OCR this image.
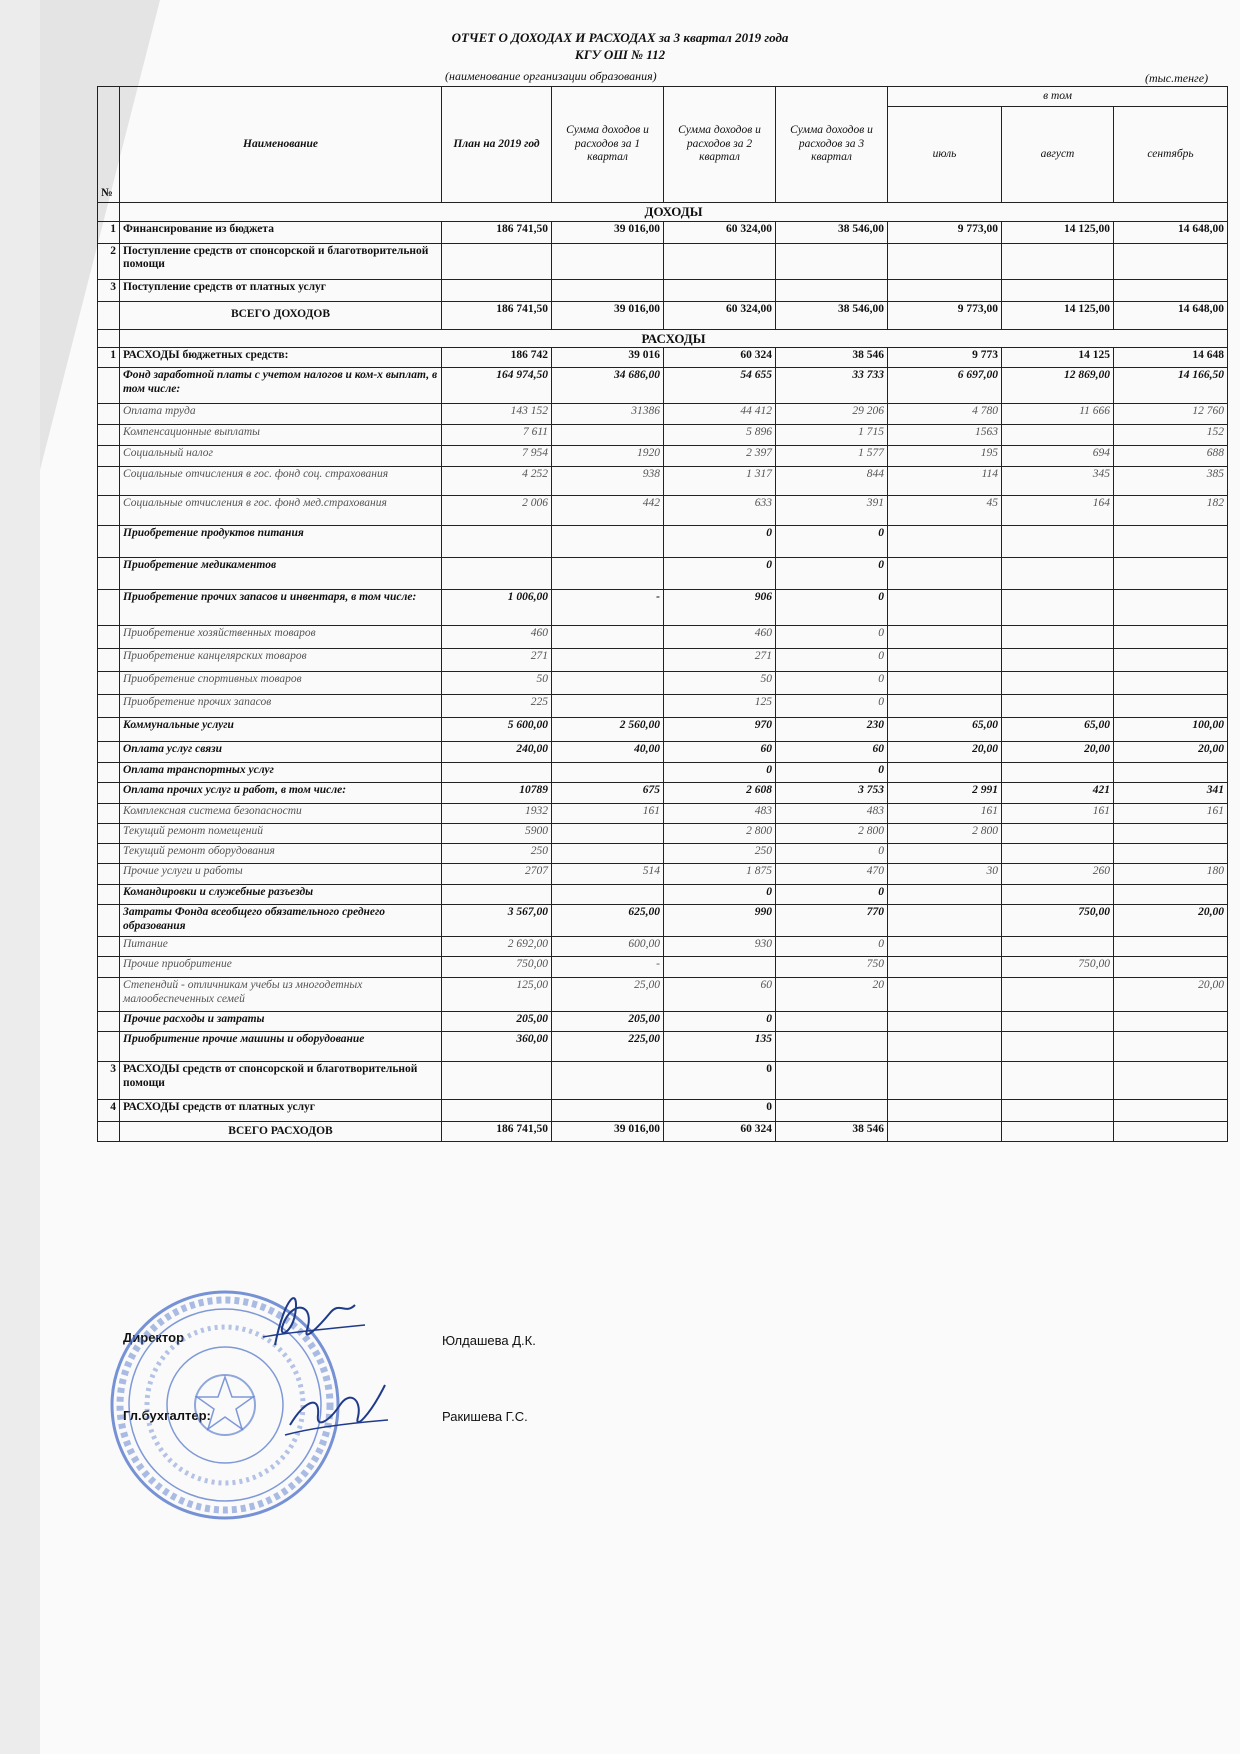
ОТЧЕТ О ДОХОДАХ И РАСХОДАХ за 3 квартал 2019 года
КГУ ОШ № 112
(наименование организации образования)	(тыс.тенге)
№	Наименование	План на 2019 год	Сумма доходов и расходов за 1 квартал	Сумма доходов и расходов за 2 квартал	Сумма доходов и расходов за 3 квартал	в том		
						июль	август	сентябрь
	ДОХОДЫ							
1	Финансирование из бюджета	186 741,50	39 016,00	60 324,00	38 546,00	9 773,00	14 125,00	14 648,00
2	Поступление средств от спонсорской и благотворительной помощи							
3	Поступление средств от платных услуг							
	ВСЕГО ДОХОДОВ	186 741,50	39 016,00	60 324,00	38 546,00	9 773,00	14 125,00	14 648,00
	РАСХОДЫ							
1	РАСХОДЫ бюджетных средств:	186 742	39 016	60 324	38 546	9 773	14 125	14 648
	Фонд заработной платы с учетом налогов и ком-х выплат, в том числе:	164 974,50	34 686,00	54 655	33 733	6 697,00	12 869,00	14 166,50
	Оплата труда	143 152	31386	44 412	29 206	4 780	11 666	12 760
	Компенсационные выплаты	7 611		5 896	1 715	1563		152
	Социальный налог	7 954	1920	2 397	1 577	195	694	688
	Социальные отчисления в гос. фонд соц. страхования	4 252	938	1 317	844	114	345	385
	Социальные отчисления в гос. фонд мед.страхования	2 006	442	633	391	45	164	182
	Приобретение продуктов питания			0	0			
	Приобретение медикаментов			0	0			
	Приобретение прочих запасов и инвентаря, в том числе:	1 006,00	-	906	0			
	Приобретение хозяйственных товаров	460		460	0			
	Приобретение канцелярских товаров	271		271	0			
	Приобретение спортивных товаров	50		50	0			
	Приобретение прочих запасов	225		125	0			
	Коммунальные услуги	5 600,00	2 560,00	970	230	65,00	65,00	100,00
	Оплата услуг связи	240,00	40,00	60	60	20,00	20,00	20,00
	Оплата транспортных услуг			0	0			
	Оплата прочих услуг и работ, в том числе:	10789	675	2 608	3 753	2 991	421	341
	Комплексная система безопасности	1932	161	483	483	161	161	161
	Текущий ремонт помещений	5900		2 800	2 800	2 800		
	Текущий ремонт оборудования	250		250	0			
	Прочие услуги и работы	2707	514	1 875	470	30	260	180
	Командировки и служебные разъезды			0	0			
	Затраты Фонда всеобщего обязательного среднего образования	3 567,00	625,00	990	770		750,00	20,00
	Питание	2 692,00	600,00	930	0			
	Прочие приобритение	750,00	-		750		750,00	
	Степендий - отличникам учебы из многодетных малообеспеченных семей	125,00	25,00	60	20			20,00
	Прочие расходы и затраты	205,00	205,00	0				
	Приобритение прочие машины и оборудование	360,00	225,00	135				
3	РАСХОДЫ средств от спонсорской и благотворительной помощи			0				
4	РАСХОДЫ средств от платных услуг			0				
	ВСЕГО РАСХОДОВ	186 741,50	39 016,00	60 324	38 546			
Директор	Юлдашева Д.К.
Гл.бухгалтер:	Ракишева Г.С.
